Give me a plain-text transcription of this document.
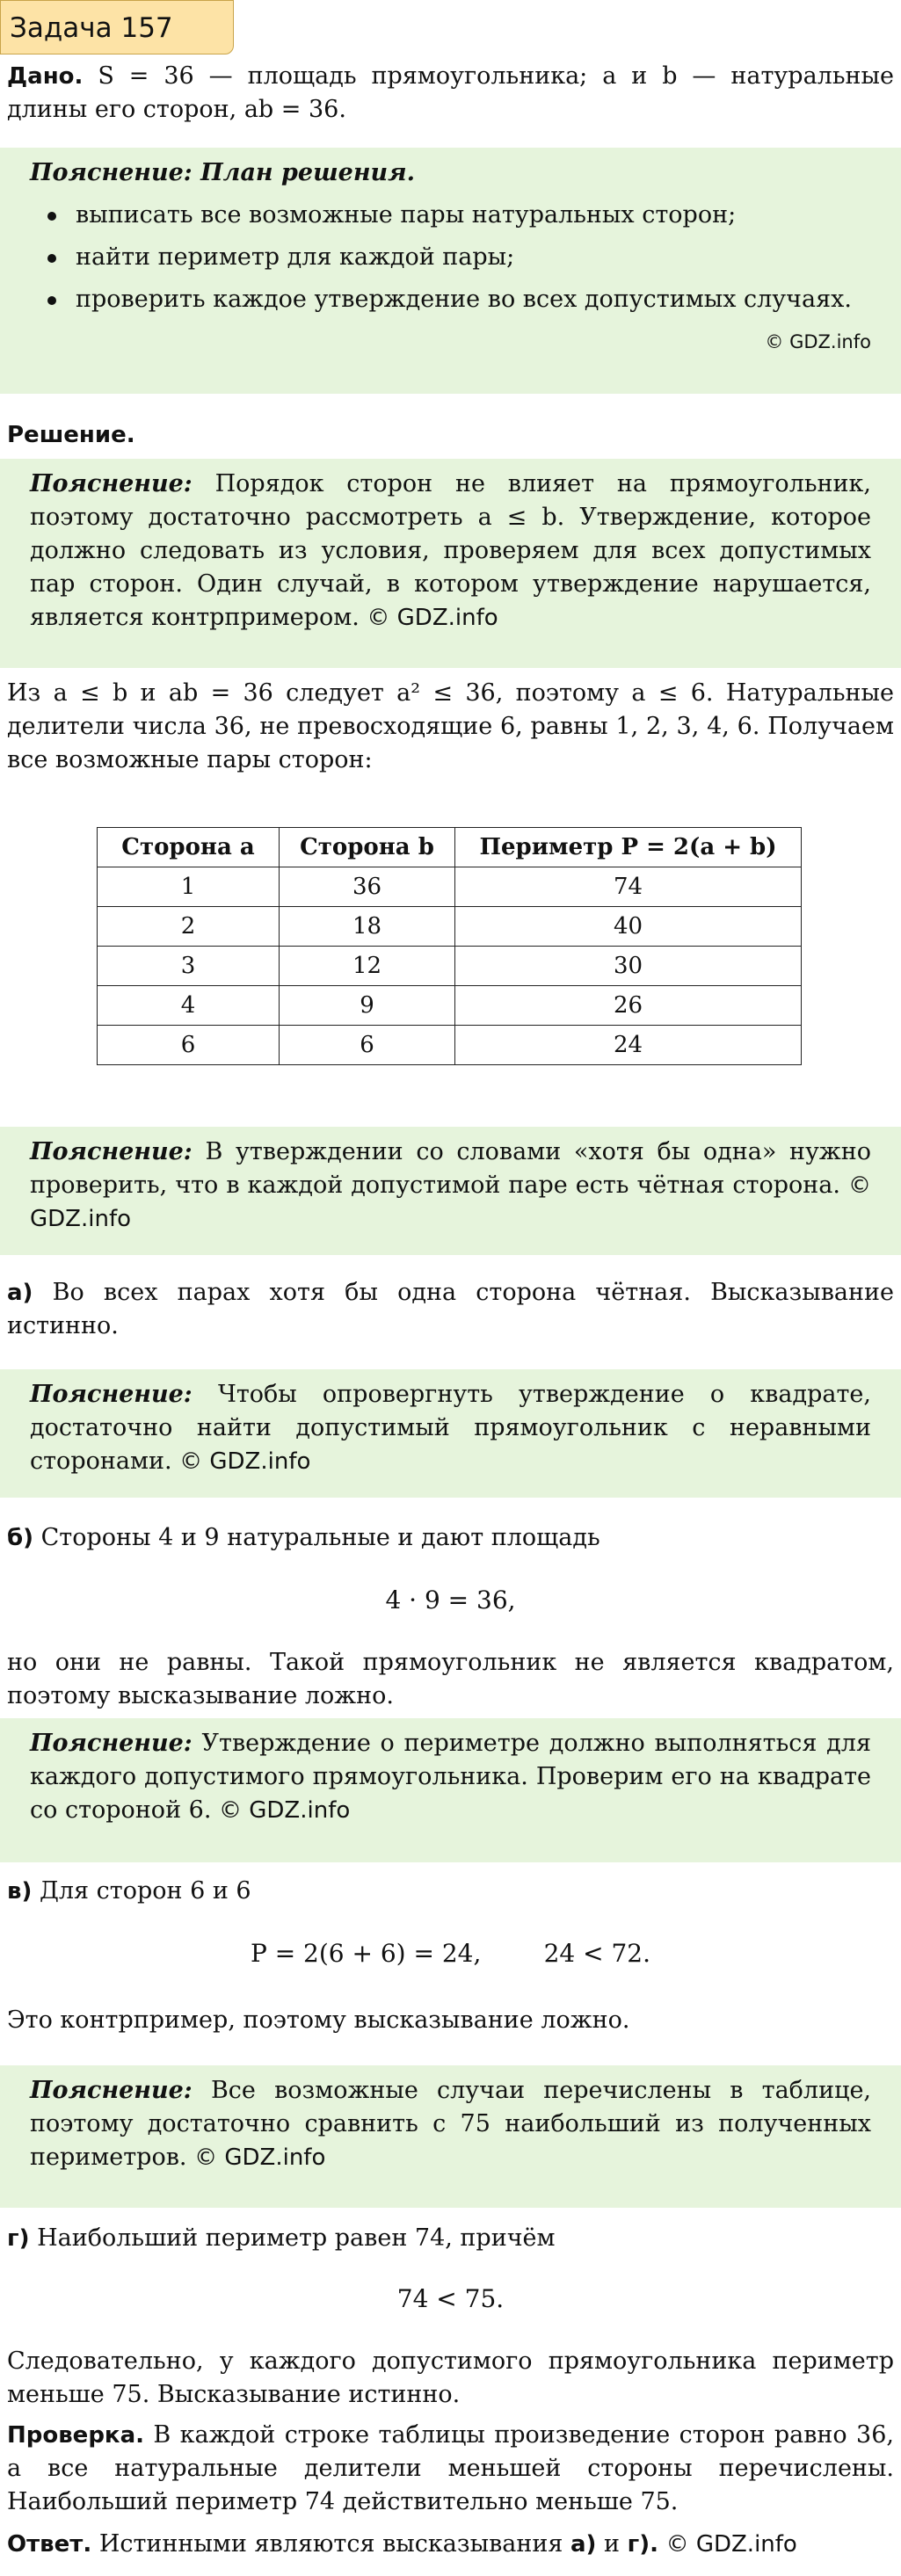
Задача 157
Дано. S = 36 — площадь прямоугольника; a и b — натуральные длины его сторон, ab = 36.
Пояснение: План решения.
выписать все возможные пары натуральных сторон;
найти периметр для каждой пары;
проверить каждое утверждение во всех допустимых случаях.
© GDZ.info
Решение.
Пояснение: Порядок сторон не влияет на прямоугольник, поэтому достаточно рассмотреть a ≤ b. Утверждение, которое должно следовать из условия, проверяем для всех допустимых пар сторон. Один случай, в котором утверждение нарушается, является контрпримером. © GDZ.info
Из a ≤ b и ab = 36 следует a² ≤ 36, поэтому a ≤ 6. Натуральные делители числа 36, не превосходящие 6, равны 1, 2, 3, 4, 6. Получаем все возможные пары сторон:
Сторона a	Сторона b	Периметр P = 2(a + b)
1	36	74
2	18	40
3	12	30
4	9	26
6	6	24
Пояснение: В утверждении со словами «хотя бы одна» нужно проверить, что в каждой допустимой паре есть чётная сторона. © GDZ.info
а) Во всех парах хотя бы одна сторона чётная. Высказывание истинно.
Пояснение: Чтобы опровергнуть утверждение о квадрате, достаточно найти допустимый прямоугольник с неравными сторонами. © GDZ.info
б) Стороны 4 и 9 натуральные и дают площадь
4 · 9 = 36,
но они не равны. Такой прямоугольник не является квадратом, поэтому высказывание ложно.
Пояснение: Утверждение о периметре должно выполняться для каждого допустимого прямоугольника. Проверим его на квадрате со стороной 6. © GDZ.info
в) Для сторон 6 и 6
P = 2(6 + 6) = 24,        24 < 72.
Это контрпример, поэтому высказывание ложно.
Пояснение: Все возможные случаи перечислены в таблице, поэтому достаточно сравнить с 75 наибольший из полученных периметров. © GDZ.info
г) Наибольший периметр равен 74, причём
74 < 75.
Следовательно, у каждого допустимого прямоугольника периметр меньше 75. Высказывание истинно.
Проверка. В каждой строке таблицы произведение сторон равно 36, а все натуральные делители меньшей стороны перечислены. Наибольший периметр 74 действительно меньше 75.
Ответ. Истинными являются высказывания а) и г). © GDZ.info
